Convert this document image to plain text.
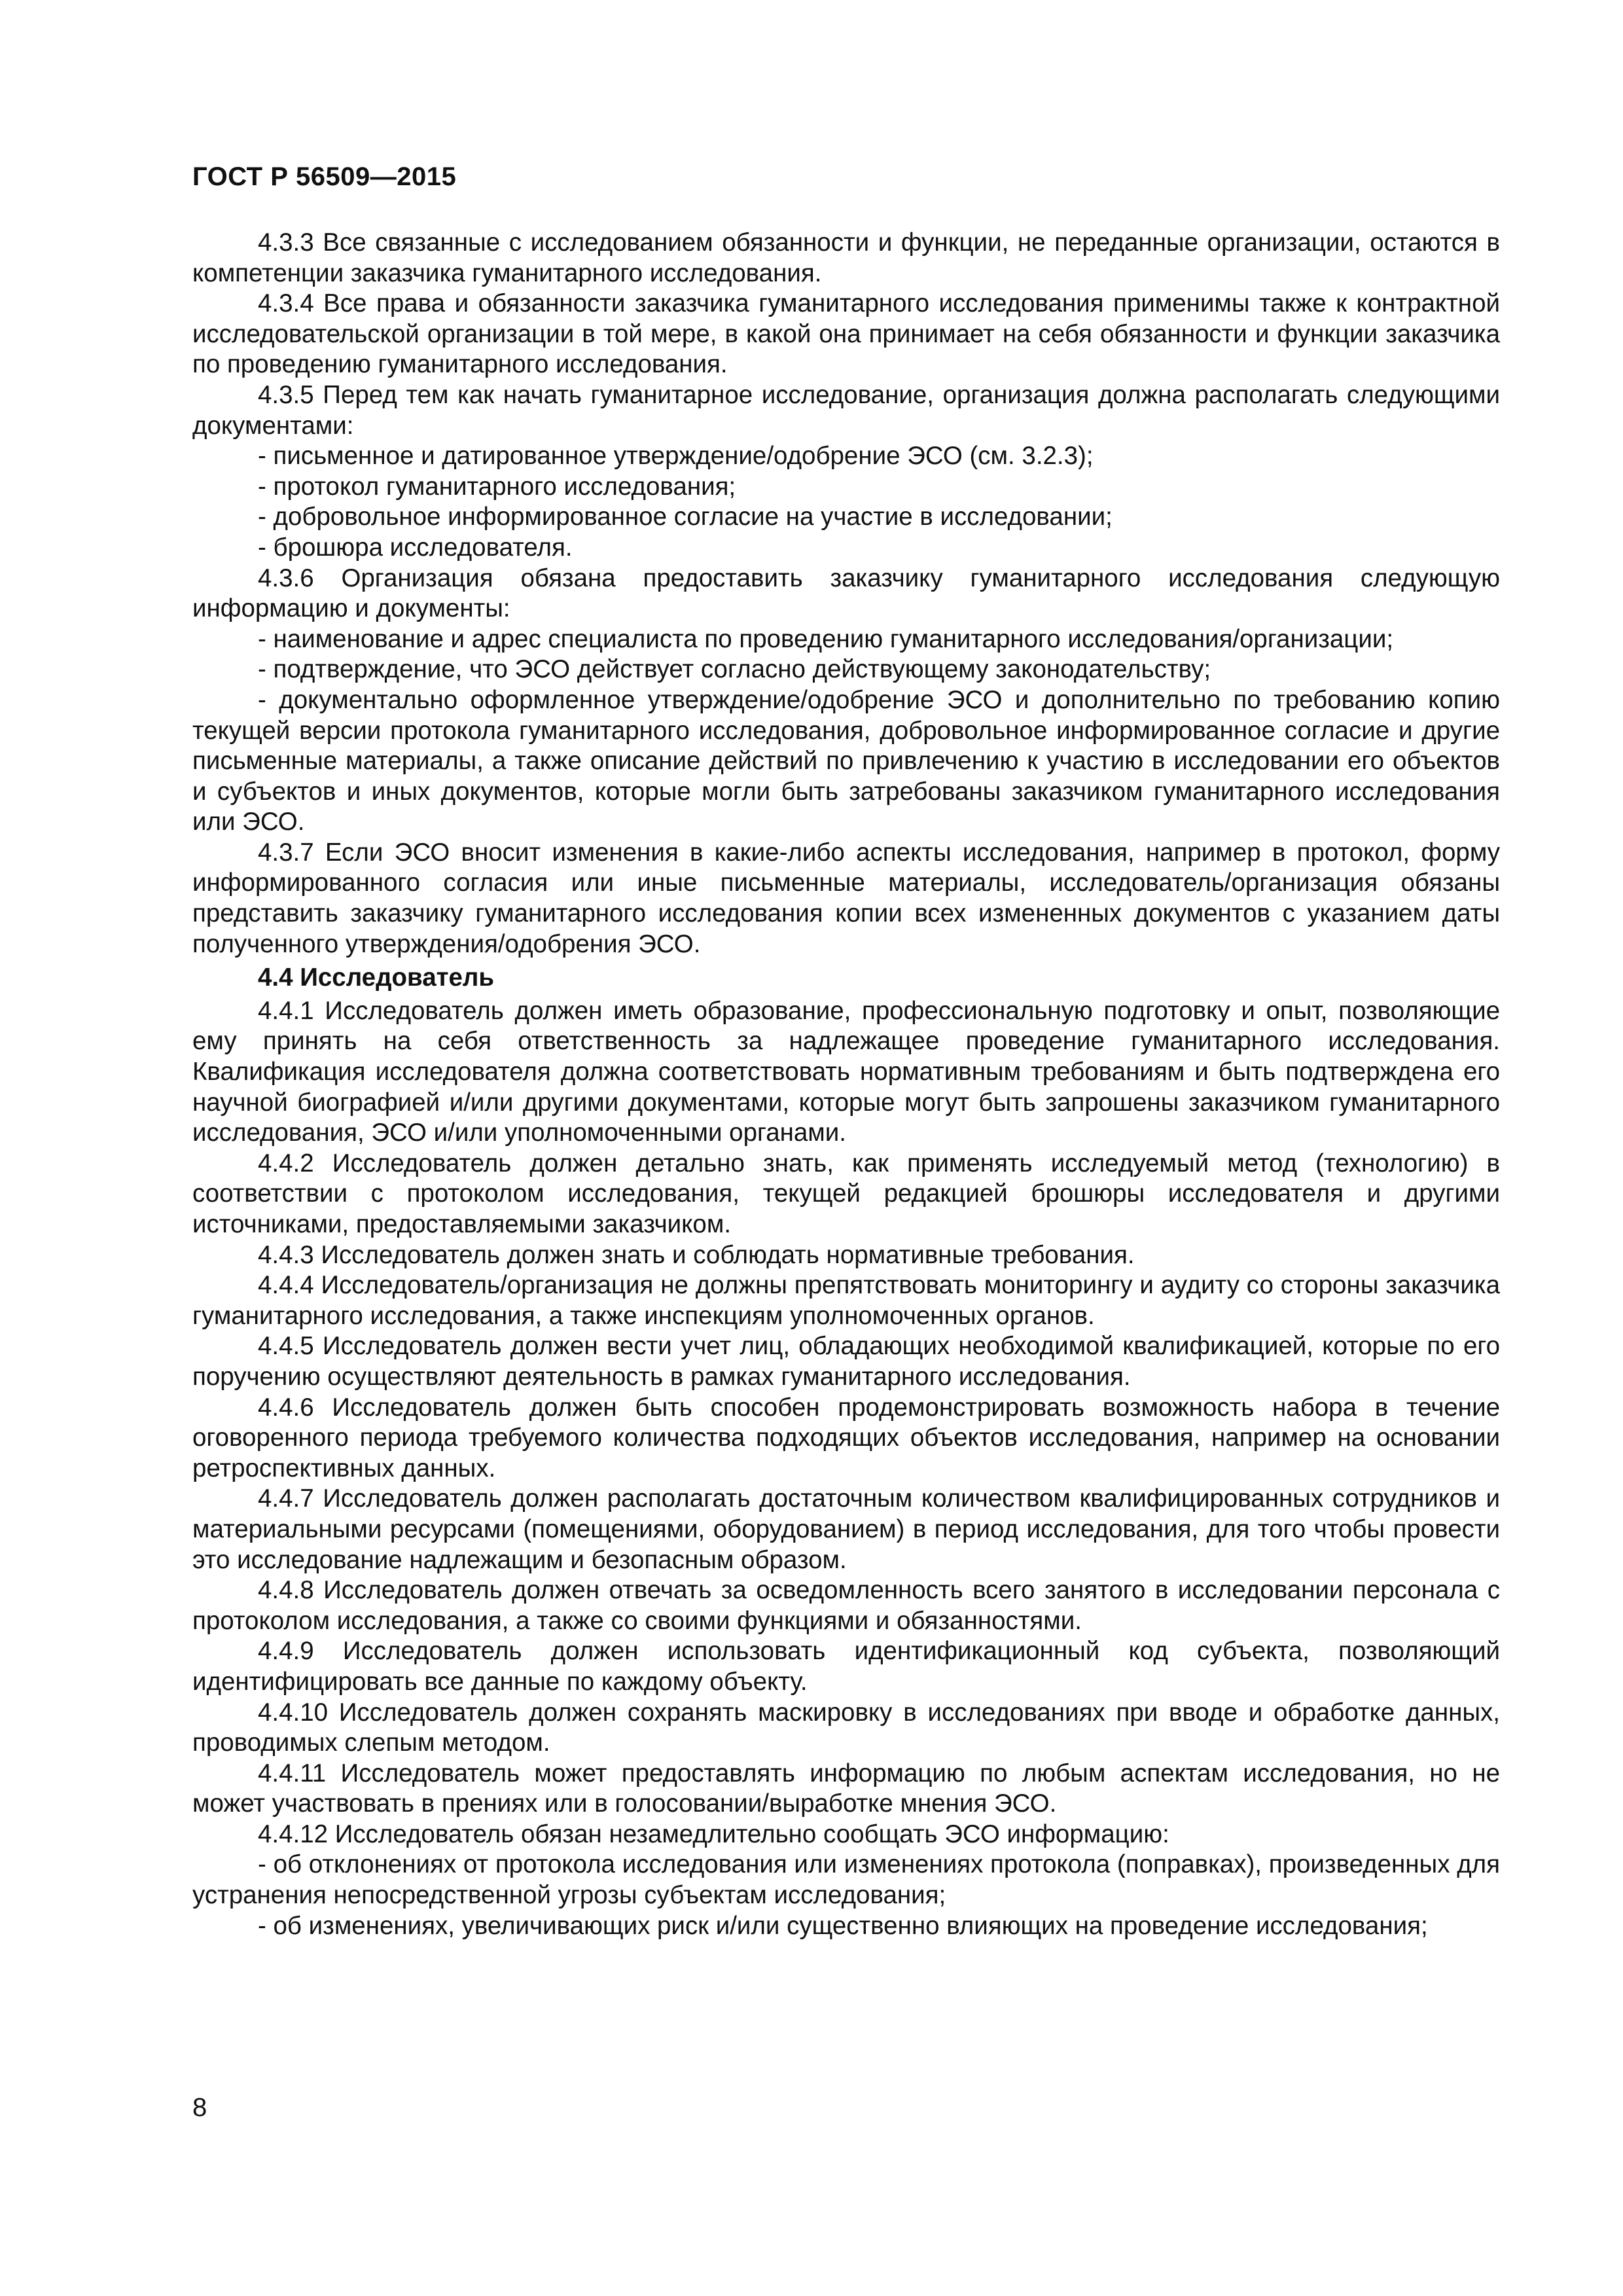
ГОСТ Р 56509—2015

4.3.3 Все связанные с исследованием обязанности и функции, не переданные организации, остаются в компетенции заказчика гуманитарного исследования.

4.3.4 Все права и обязанности заказчика гуманитарного исследования применимы также к контрактной исследовательской организации в той мере, в какой она принимает на себя обязанности и функции заказчика по проведению гуманитарного исследования.

4.3.5 Перед тем как начать гуманитарное исследование, организация должна располагать следующими документами:

- письменное и датированное утверждение/одобрение ЭСО (см. 3.2.3);

- протокол гуманитарного исследования;

- добровольное информированное согласие на участие в исследовании;

- брошюра исследователя.

4.3.6 Организация обязана предоставить заказчику гуманитарного исследования следующую информацию и документы:

- наименование и адрес специалиста по проведению гуманитарного исследования/организации;

- подтверждение, что ЭСО действует согласно действующему законодательству;

- документально оформленное утверждение/одобрение ЭСО и дополнительно по требованию копию текущей версии протокола гуманитарного исследования, добровольное информированное согласие и другие письменные материалы, а также описание действий по привлечению к участию в исследовании его объектов и субъектов и иных документов, которые могли быть затребованы заказчиком гуманитарного исследования или ЭСО.

4.3.7 Если ЭСО вносит изменения в какие-либо аспекты исследования, например в протокол, форму информированного согласия или иные письменные материалы, исследователь/организация обязаны представить заказчику гуманитарного исследования копии всех измененных документов с указанием даты полученного утверждения/одобрения ЭСО.

4.4 Исследователь

4.4.1 Исследователь должен иметь образование, профессиональную подготовку и опыт, позволяющие ему принять на себя ответственность за надлежащее проведение гуманитарного исследования. Квалификация исследователя должна соответствовать нормативным требованиям и быть подтверждена его научной биографией и/или другими документами, которые могут быть запрошены заказчиком гуманитарного исследования, ЭСО и/или уполномоченными органами.

4.4.2 Исследователь должен детально знать, как применять исследуемый метод (технологию) в соответствии с протоколом исследования, текущей редакцией брошюры исследователя и другими источниками, предоставляемыми заказчиком.

4.4.3 Исследователь должен знать и соблюдать нормативные требования.

4.4.4 Исследователь/организация не должны препятствовать мониторингу и аудиту со стороны заказчика гуманитарного исследования, а также инспекциям уполномоченных органов.

4.4.5 Исследователь должен вести учет лиц, обладающих необходимой квалификацией, которые по его поручению осуществляют деятельность в рамках гуманитарного исследования.

4.4.6 Исследователь должен быть способен продемонстрировать возможность набора в течение оговоренного периода требуемого количества подходящих объектов исследования, например на основании ретроспективных данных.

4.4.7 Исследователь должен располагать достаточным количеством квалифицированных сотрудников и материальными ресурсами (помещениями, оборудованием) в период исследования, для того чтобы провести это исследование надлежащим и безопасным образом.

4.4.8 Исследователь должен отвечать за осведомленность всего занятого в исследовании персонала с протоколом исследования, а также со своими функциями и обязанностями.

4.4.9 Исследователь должен использовать идентификационный код субъекта, позволяющий идентифицировать все данные по каждому объекту.

4.4.10 Исследователь должен сохранять маскировку в исследованиях при вводе и обработке данных, проводимых слепым методом.

4.4.11 Исследователь может предоставлять информацию по любым аспектам исследования, но не может участвовать в прениях или в голосовании/выработке мнения ЭСО.

4.4.12 Исследователь обязан незамедлительно сообщать ЭСО информацию:

- об отклонениях от протокола исследования или изменениях протокола (поправках), произведенных для устранения непосредственной угрозы субъектам исследования;

- об изменениях, увеличивающих риск и/или существенно влияющих на проведение исследования;

8
